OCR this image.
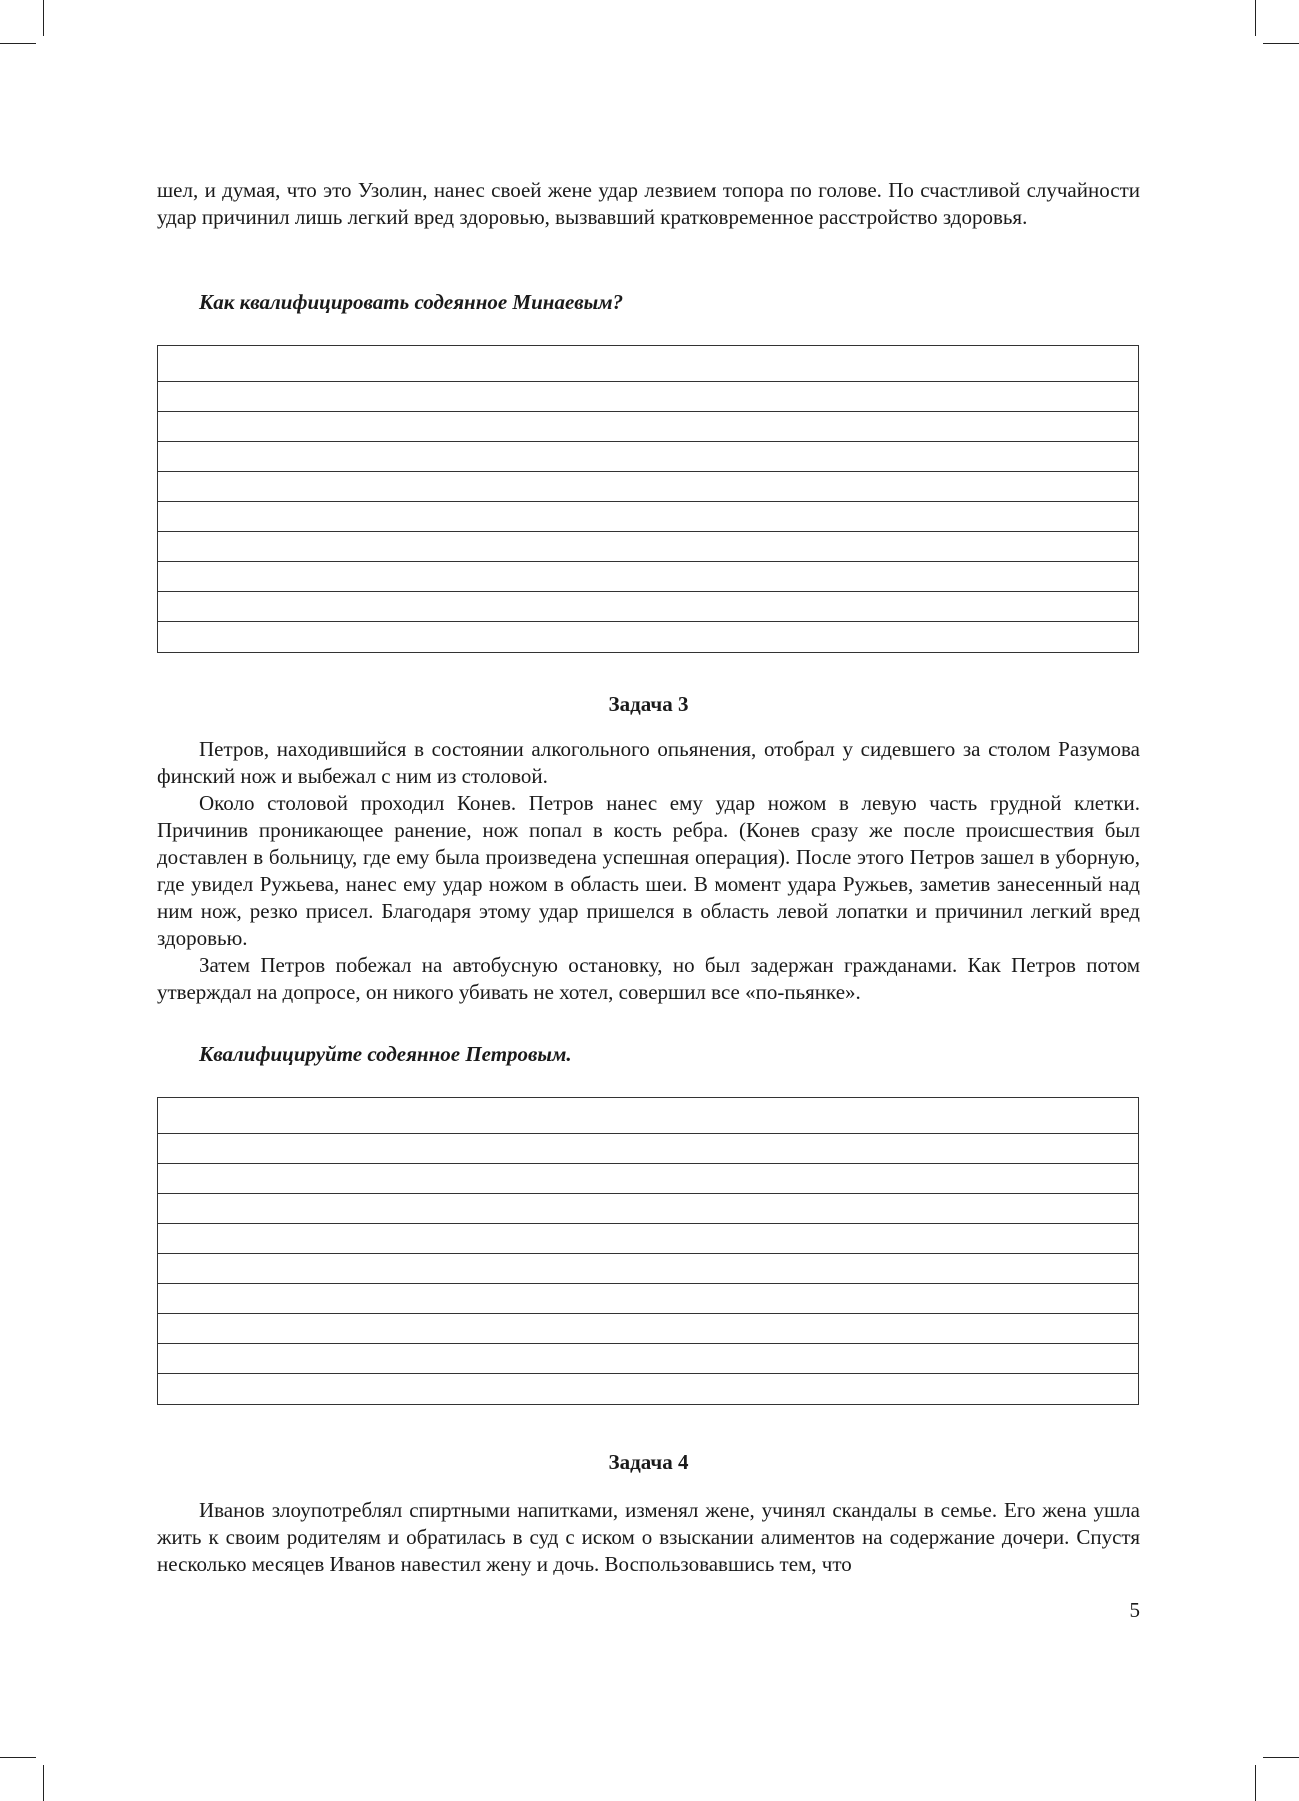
шел, и думая, что это Узолин, нанес своей жене удар лезвием топора по голове. По счастливой случайности удар причинил лишь легкий вред здоровью, вызвавший кратковременное расстройство здоровья.

Как квалифицировать содеянное Минаевым?
Задача 3

Петров, находившийся в состоянии алкогольного опьянения, отобрал у сидевшего за столом Разумова финский нож и выбежал с ним из столовой.

Около столовой проходил Конев. Петров нанес ему удар ножом в левую часть грудной клетки. Причинив проникающее ранение, нож попал в кость ребра. (Конев сразу же после происшествия был доставлен в больницу, где ему была произведена успешная операция). После этого Петров зашел в уборную, где увидел Ружьева, нанес ему удар ножом в область шеи. В момент удара Ружьев, заметив занесенный над ним нож, резко присел. Благодаря этому удар пришелся в область левой лопатки и причинил легкий вред здоровью.

Затем Петров побежал на автобусную остановку, но был задержан гражданами. Как Петров потом утверждал на допросе, он никого убивать не хотел, совершил все «по-пьянке».

Квалифицируйте содеянное Петровым.
Задача 4

Иванов злоупотреблял спиртными напитками, изменял жене, учинял скандалы в семье. Его жена ушла жить к своим родителям и обратилась в суд с иском о взыскании алиментов на содержание дочери. Спустя несколько месяцев Иванов навестил жену и дочь. Воспользовавшись тем, что

5
